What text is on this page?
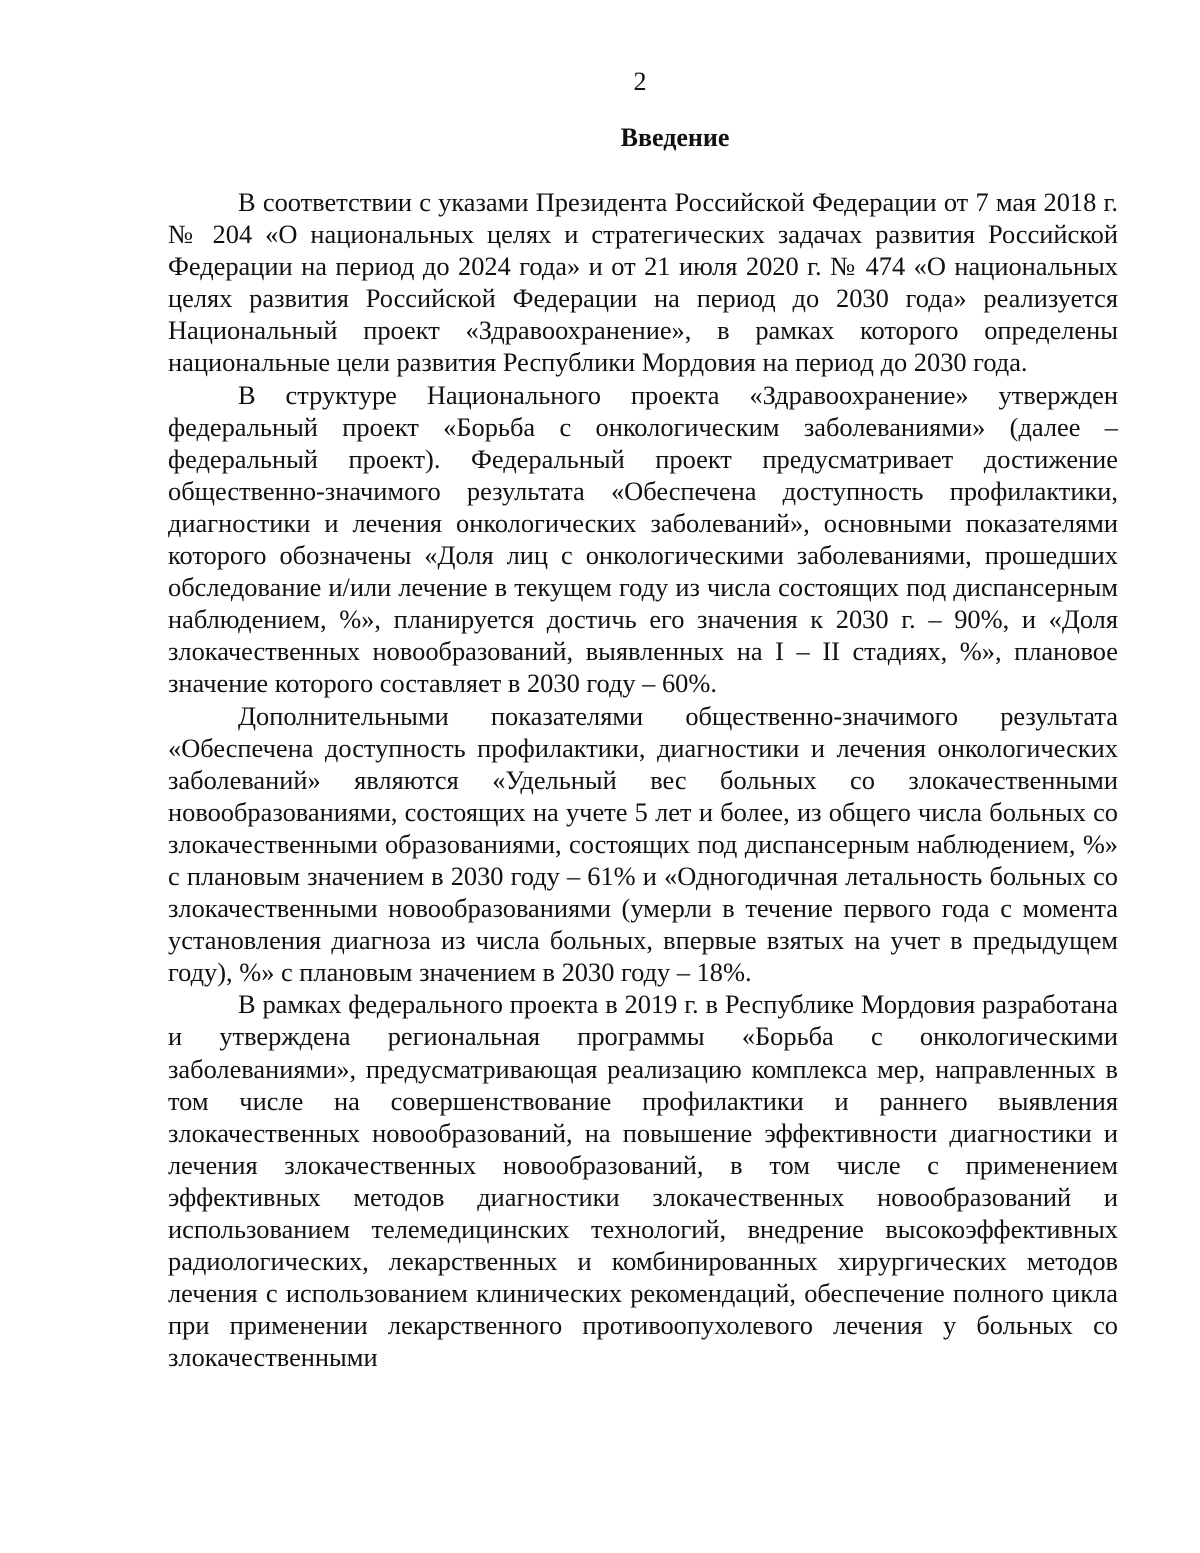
2
Введение

В соответствии с указами Президента Российской Федерации от 7 мая 2018 г. № 204 «О национальных целях и стратегических задачах развития Российской Федерации на период до 2024 года» и от 21 июля 2020 г. № 474 «О национальных целях развития Российской Федерации на период до 2030 года» реализуется Национальный проект «Здравоохранение», в рамках которого определены национальные цели развития Республики Мордовия на период до 2030 года.

В структуре Национального проекта «Здравоохранение» утвержден федеральный проект «Борьба с онкологическим заболеваниями» (далее – федеральный проект). Федеральный проект предусматривает достижение общественно-значимого результата «Обеспечена доступность профилактики, диагностики и лечения онкологических заболеваний», основными показателями которого обозначены «Доля лиц с онкологическими заболеваниями, прошедших обследование и/или лечение в текущем году из числа состоящих под диспансерным наблюдением, %», планируется достичь его значения к 2030 г. – 90%, и «Доля злокачественных новообразований, выявленных на I – II стадиях, %», плановое значение которого составляет в 2030 году – 60%.

Дополнительными показателями общественно-значимого результата «Обеспечена доступность профилактики, диагностики и лечения онкологических заболеваний» являются «Удельный вес больных со злокачественными новообразованиями, состоящих на учете 5 лет и более, из общего числа больных со злокачественными образованиями, состоящих под диспансерным наблюдением, %» с плановым значением в 2030 году – 61% и «Одногодичная летальность больных со злокачественными новообразованиями (умерли в течение первого года с момента установления диагноза из числа больных, впервые взятых на учет в предыдущем году), %» с плановым значением в 2030 году – 18%.

В рамках федерального проекта в 2019 г. в Республике Мордовия разработана и утверждена региональная программы «Борьба с онкологическими заболеваниями», предусматривающая реализацию комплекса мер, направленных в том числе на совершенствование профилактики и раннего выявления злокачественных новообразований, на повышение эффективности диагностики и лечения злокачественных новообразований, в том числе с применением эффективных методов диагностики злокачественных новообразований и использованием телемедицинских технологий, внедрение высокоэффективных радиологических, лекарственных и комбинированных хирургических методов лечения с использованием клинических рекомендаций, обеспечение полного цикла при применении лекарственного противоопухолевого лечения у больных со злокачественными
